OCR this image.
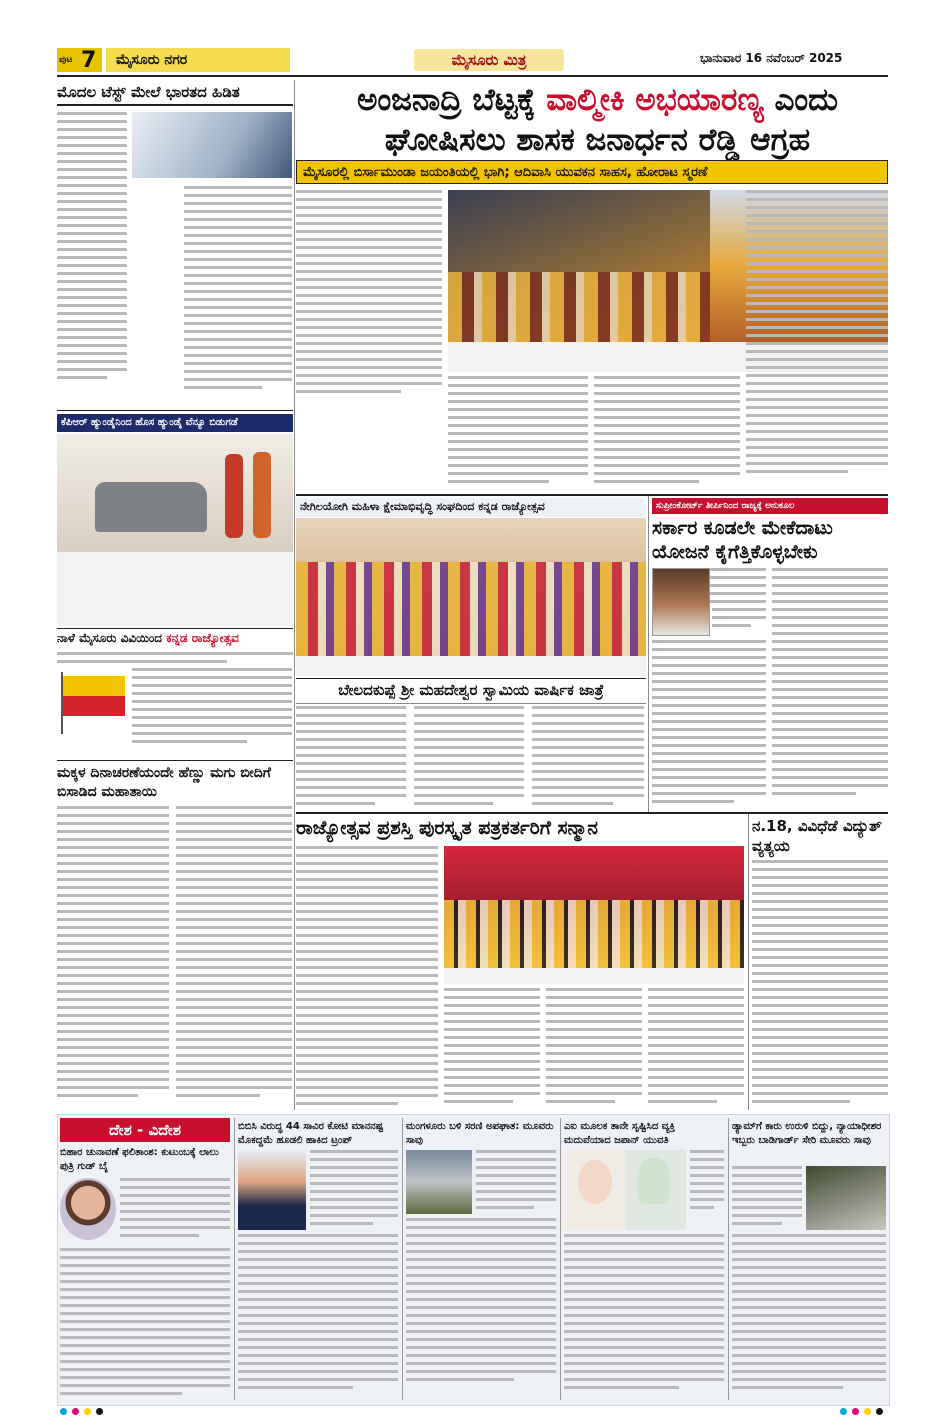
ಪುಟ 7	ಮೈಸೂರು ನಗರ	ಮೈಸೂರು ಮಿತ್ರ	ಭಾನುವಾರ 16 ನವೆಂಬರ್ 2025
ಅಂಜನಾದ್ರಿ ಬೆಟ್ಟಕ್ಕೆ ವಾಲ್ಮೀಕಿ ಅಭಯಾರಣ್ಯ ಎಂದು
ಘೋಷಿಸಲು ಶಾಸಕ ಜನಾರ್ಧನ ರೆಡ್ಡಿ ಆಗ್ರಹ
ಮೈಸೂರಲ್ಲಿ ಬಿರ್ಸಾಮುಂಡಾ ಜಯಂತಿಯಲ್ಲಿ ಭಾಗಿ; ಆದಿವಾಸಿ ಯುವಕನ ಸಾಹಸ, ಹೋರಾಟ ಸ್ಮರಣೆ
ಮೊದಲ ಟೆಸ್ಟ್ ಮೇಲೆ ಭಾರತದ ಹಿಡಿತ
ಕೆಪಿಆರ್ ಹ್ಯುಂಡೈನಿಂದ ಹೊಸ ಹ್ಯುಂಡೈ ವೆನ್ಯೂ ಬಿಡುಗಡೆ
ನಾಳೆ ಮೈಸೂರು ವಿವಿಯಿಂದ ಕನ್ನಡ ರಾಜ್ಯೋತ್ಸವ
ಮಕ್ಕಳ ದಿನಾಚರಣೆಯಂದೇ ಹೆಣ್ಣು ಮಗು ಬೀದಿಗೆ ಬಿಸಾಡಿದ ಮಹಾತಾಯಿ
ನೇಗಿಲಯೋಗಿ ಮಹಿಳಾ ಕ್ಷೇಮಾಭಿವೃದ್ಧಿ ಸಂಘದಿಂದ ಕನ್ನಡ ರಾಜ್ಯೋತ್ಸವ
ಬೇಲದಕುಪ್ಪೆ ಶ್ರೀ ಮಹದೇಶ್ವರ ಸ್ವಾಮಿಯ ವಾರ್ಷಿಕ ಜಾತ್ರೆ
ಸುಪ್ರೀಂಕೋರ್ಟ್ ತೀರ್ಪಿನಿಂದ ರಾಜ್ಯಕ್ಕೆ ಅನುಕೂಲ
ಸರ್ಕಾರ ಕೂಡಲೇ ಮೇಕೆದಾಟು ಯೋಜನೆ ಕೈಗೆತ್ತಿಕೊಳ್ಳಬೇಕು
ರಾಜ್ಯೋತ್ಸವ ಪ್ರಶಸ್ತಿ ಪುರಸ್ಕೃತ ಪತ್ರಕರ್ತರಿಗೆ ಸನ್ಮಾನ	ನ.18, ವಿವಿಧೆಡೆ ವಿದ್ಯುತ್ ವ್ಯತ್ಯಯ
ದೇಶ - ವಿದೇಶ
ಬಿಹಾರ ಚುನಾವಣೆ ಫಲಿತಾಂಶ: ಕುಟುಂಬಕ್ಕೆ ಲಾಲು ಪುತ್ರಿ ಗುಡ್ ಬೈ
ಬಿಬಿಸಿ ವಿರುದ್ಧ 44 ಸಾವಿರ ಕೋಟಿ ಮಾನನಷ್ಟ ಮೊಕದ್ದಮೆ ಹೂಡಲಿ ಹಾಕಿದ ಟ್ರಂಪ್
ಮಂಗಳೂರು ಬಳಿ ಸರಣಿ ಅಪಘಾತ: ಮೂವರು ಸಾವು
ಎಐ ಮೂಲಕ ತಾನೇ ಸೃಷ್ಟಿಸಿದ ವ್ಯಕ್ತಿ ಮದುವೆಯಾದ ಜಪಾನ್ ಯುವತಿ
ಡ್ಯಾಮ್‌ಗೆ ಕಾರು ಉರುಳಿ ಬಿದ್ದು, ನ್ಯಾಯಾಧೀಶರ ಇಬ್ಬರು ಬಾಡಿಗಾರ್ಡ್ ಸೇರಿ ಮೂವರು ಸಾವು
